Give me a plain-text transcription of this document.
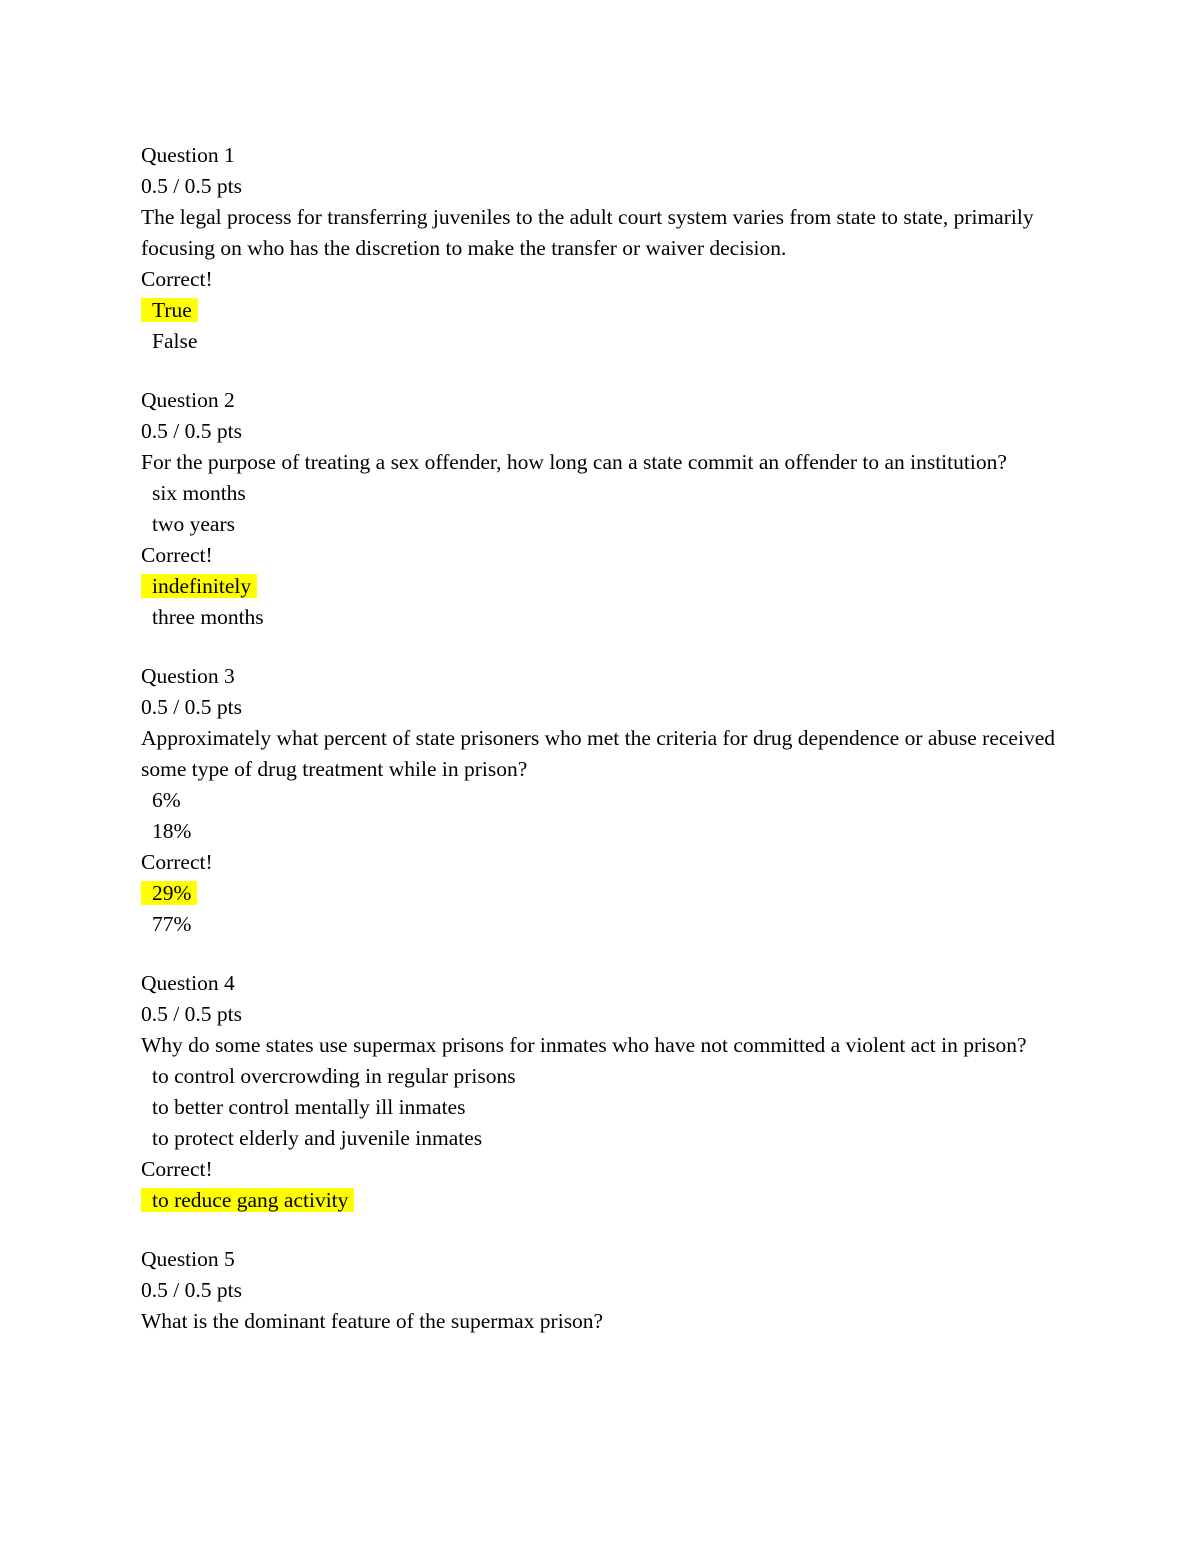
Question 1
0.5 / 0.5 pts
The legal process for transferring juveniles to the adult court system varies from state to state, primarily focusing on who has the discretion to make the transfer or waiver decision.
Correct!
True
False
Question 2
0.5 / 0.5 pts
For the purpose of treating a sex offender, how long can a state commit an offender to an institution?
six months
two years
Correct!
indefinitely
three months
Question 3
0.5 / 0.5 pts
Approximately what percent of state prisoners who met the criteria for drug dependence or abuse received some type of drug treatment while in prison?
6%
18%
Correct!
29%
77%
Question 4
0.5 / 0.5 pts
Why do some states use supermax prisons for inmates who have not committed a violent act in prison?
to control overcrowding in regular prisons
to better control mentally ill inmates
to protect elderly and juvenile inmates
Correct!
to reduce gang activity
Question 5
0.5 / 0.5 pts
What is the dominant feature of the supermax prison?
